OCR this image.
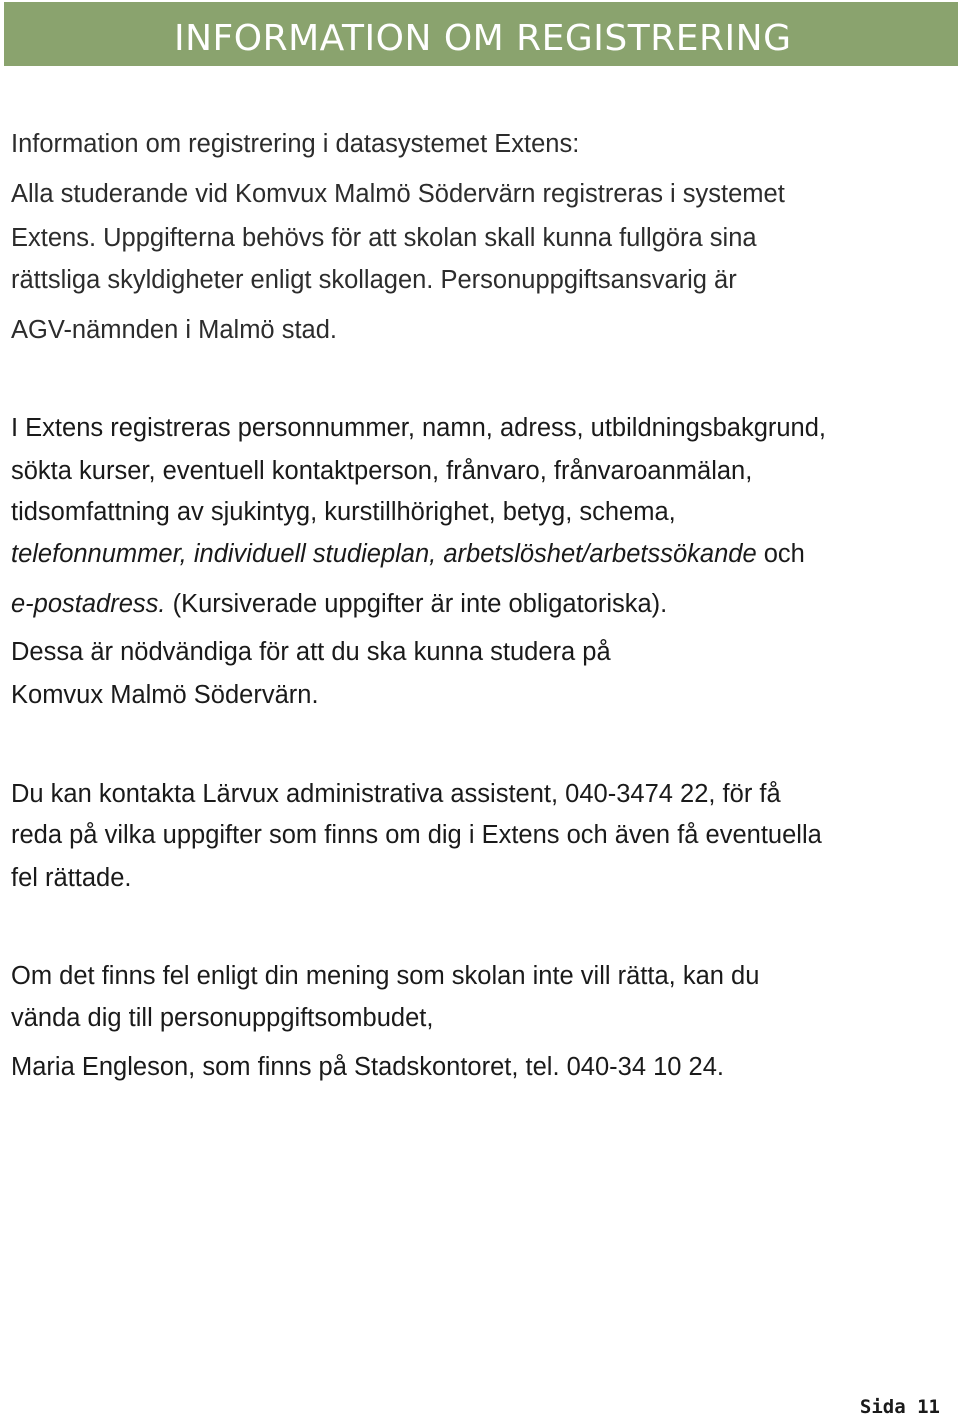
INFORMATION OM REGISTRERING

Information om registrering i datasystemet Extens:

Alla studerande vid Komvux Malmö Södervärn registreras i systemet

Extens. Uppgifterna behövs för att skolan skall kunna fullgöra sina

rättsliga skyldigheter enligt skollagen. Personuppgiftsansvarig är

AGV-nämnden i Malmö stad.

I Extens registreras personnummer, namn, adress, utbildningsbakgrund,

sökta kurser, eventuell kontaktperson, frånvaro, frånvaroanmälan,

tidsomfattning av sjukintyg, kurstillhörighet, betyg, schema,

telefonnummer, individuell studieplan, arbetslöshet/arbetssökande och

e-postadress. (Kursiverade uppgifter är inte obligatoriska).

Dessa är nödvändiga för att du ska kunna studera på

Komvux Malmö Södervärn.

Du kan kontakta Lärvux administrativa assistent, 040-3474 22, för få

reda på vilka uppgifter som finns om dig i Extens och även få eventuella

fel rättade.

Om det finns fel enligt din mening som skolan inte vill rätta, kan du

vända dig till personuppgiftsombudet,

Maria Engleson, som finns på Stadskontoret, tel. 040-34 10 24.

Sida 11
